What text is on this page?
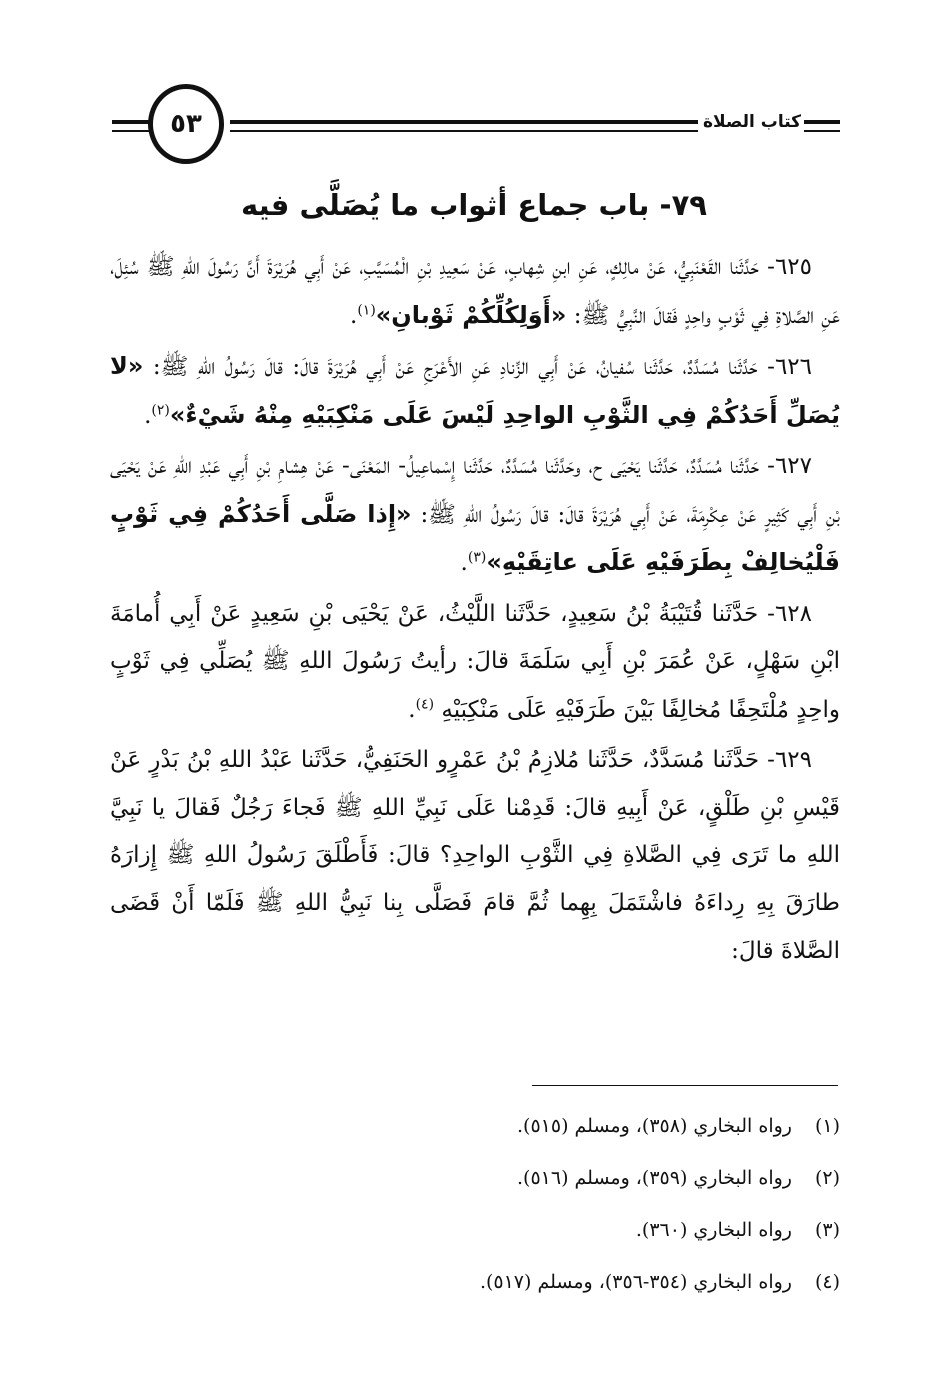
٥٣	كتاب الصلاة
٧٩- باب جماع أثواب ما يُصَلَّى فيه

٦٢٥- حَدَّثَنا القَعْنَبِيُّ، عَنْ مالِكٍ، عَنِ ابنِ شِهابٍ، عَنْ سَعِيدِ بْنِ الْمُسَيَّبِ، عَنْ أَبِي هُرَيْرَةَ أَنَّ رَسُولَ اللهِ ﷺ سُئِلَ، عَنِ الصَّلاةِ فِي ثَوْبٍ واحِدٍ فَقالَ النَّبِيُّ ﷺ: «أَوَلِكُلِّكُمْ ثَوْبانِ»$^{(١)}$.

٦٢٦- حَدَّثَنا مُسَدَّدٌ، حَدَّثَنا سُفيانُ، عَنْ أَبِي الزِّنادِ عَنِ الأَعْرَجِ عَنْ أَبِي هُرَيْرَةَ قالَ: قالَ رَسُولُ اللهِ ﷺ: «لا يُصَلِّ أَحَدُكُمْ فِي الثَّوْبِ الواحِدِ لَيْسَ عَلَى مَنْكِبَيْهِ مِنْهُ شَيْءٌ»$^{(٢)}$.

٦٢٧- حَدَّثَنا مُسَدَّدٌ، حَدَّثَنا يَحْيَى ح، وحَدَّثَنا مُسَدَّدٌ، حَدَّثَنا إِسْماعِيلُ- المَعْنَى- عَنْ هِشامِ بْنِ أَبِي عَبْدِ اللهِ عَنْ يَحْيَى بْنِ أَبِي كَثِيرٍ عَنْ عِكْرِمَةَ، عَنْ أَبِي هُرَيْرَةَ قالَ: قالَ رَسُولُ اللهِ ﷺ: «إِذا صَلَّى أَحَدُكُمْ فِي ثَوْبٍ فَلْيُخالِفْ بِطَرَفَيْهِ عَلَى عاتِقَيْهِ»$^{(٣)}$.

٦٢٨- حَدَّثَنا قُتَيْبَةُ بْنُ سَعِيدٍ، حَدَّثَنا اللَّيْثُ، عَنْ يَحْيَى بْنِ سَعِيدٍ عَنْ أَبِي أُمامَةَ ابْنِ سَهْلٍ، عَنْ عُمَرَ بْنِ أَبِي سَلَمَةَ قالَ: رأيتُ رَسُولَ اللهِ ﷺ يُصَلِّي فِي ثَوْبٍ واحِدٍ مُلْتَحِفًا مُخالِفًا بَيْنَ طَرَفَيْهِ عَلَى مَنْكِبَيْهِ $^{(٤)}$.

٦٢٩- حَدَّثَنا مُسَدَّدٌ، حَدَّثَنا مُلازِمُ بْنُ عَمْرٍو الحَنَفِيُّ، حَدَّثَنا عَبْدُ اللهِ بْنُ بَدْرٍ عَنْ قَيْسِ بْنِ طَلْقٍ، عَنْ أَبِيهِ قالَ: قَدِمْنا عَلَى نَبِيِّ اللهِ ﷺ فَجاءَ رَجُلٌ فَقالَ يا نَبِيَّ اللهِ ما تَرَى فِي الصَّلاةِ فِي الثَّوْبِ الواحِدِ؟ قالَ: فَأَطْلَقَ رَسُولُ اللهِ ﷺ إِزارَهُ طارَقَ بِهِ رِداءَهُ فاشْتَمَلَ بِهِما ثُمَّ قامَ فَصَلَّى بِنا نَبِيُّ اللهِ ﷺ فَلَمّا أَنْ قَضَى الصَّلاةَ قالَ:

(١) رواه البخاري (٣٥٨)، ومسلم (٥١٥).
(٢) رواه البخاري (٣٥٩)، ومسلم (٥١٦).
(٣) رواه البخاري (٣٦٠).
(٤) رواه البخاري (٣٥٤-٣٥٦)، ومسلم (٥١٧).
